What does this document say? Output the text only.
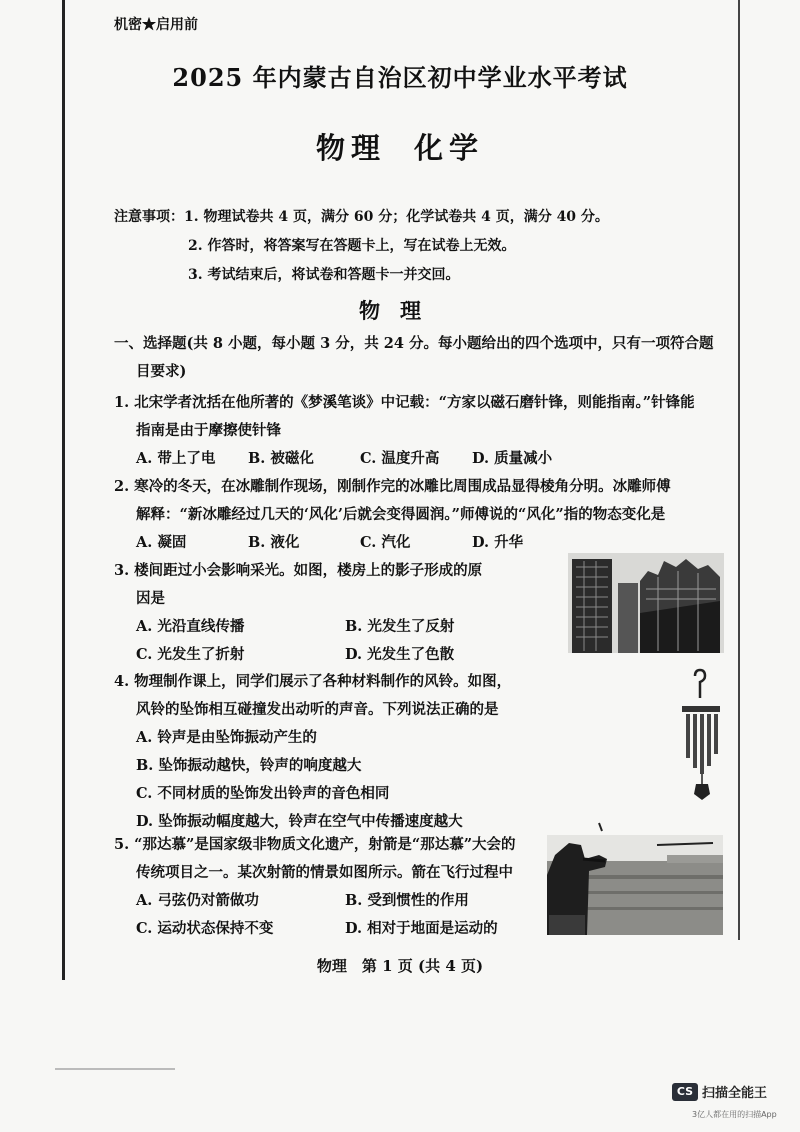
机密★启用前
2025 年内蒙古自治区初中学业水平考试
物理 化学
注意事项：1. 物理试卷共 4 页，满分 60 分；化学试卷共 4 页，满分 40 分。
2. 作答时，将答案写在答题卡上，写在试卷上无效。
3. 考试结束后，将试卷和答题卡一并交回。
物理
一、选择题(共 8 小题，每小题 3 分，共 24 分。每小题给出的四个选项中，只有一项符合题
目要求)
1. 北宋学者沈括在他所著的《梦溪笔谈》中记载：“方家以磁石磨针锋，则能指南。”针锋能
指南是由于摩擦使针锋
A. 带上了电	B. 被磁化	C. 温度升高	D. 质量减小
2. 寒冷的冬天，在冰雕制作现场，刚制作完的冰雕比周围成品显得棱角分明。冰雕师傅
解释：“新冰雕经过几天的‘风化’后就会变得圆润。”师傅说的“风化”指的物态变化是
A. 凝固	B. 液化	C. 汽化	D. 升华
3. 楼间距过小会影响采光。如图，楼房上的影子形成的原
因是
A. 光沿直线传播	B. 光发生了反射
C. 光发生了折射	D. 光发生了色散
4. 物理制作课上，同学们展示了各种材料制作的风铃。如图，
风铃的坠饰相互碰撞发出动听的声音。下列说法正确的是
A. 铃声是由坠饰振动产生的
B. 坠饰振动越快，铃声的响度越大
C. 不同材质的坠饰发出铃声的音色相同
D. 坠饰振动幅度越大，铃声在空气中传播速度越大
5. “那达慕”是国家级非物质文化遗产，射箭是“那达慕”大会的
传统项目之一。某次射箭的情景如图所示。箭在飞行过程中
A. 弓弦仍对箭做功	B. 受到惯性的作用
C. 运动状态保持不变	D. 相对于地面是运动的
物理　第 1 页 (共 4 页)
CS 扫描全能王
3亿人都在用的扫描App
